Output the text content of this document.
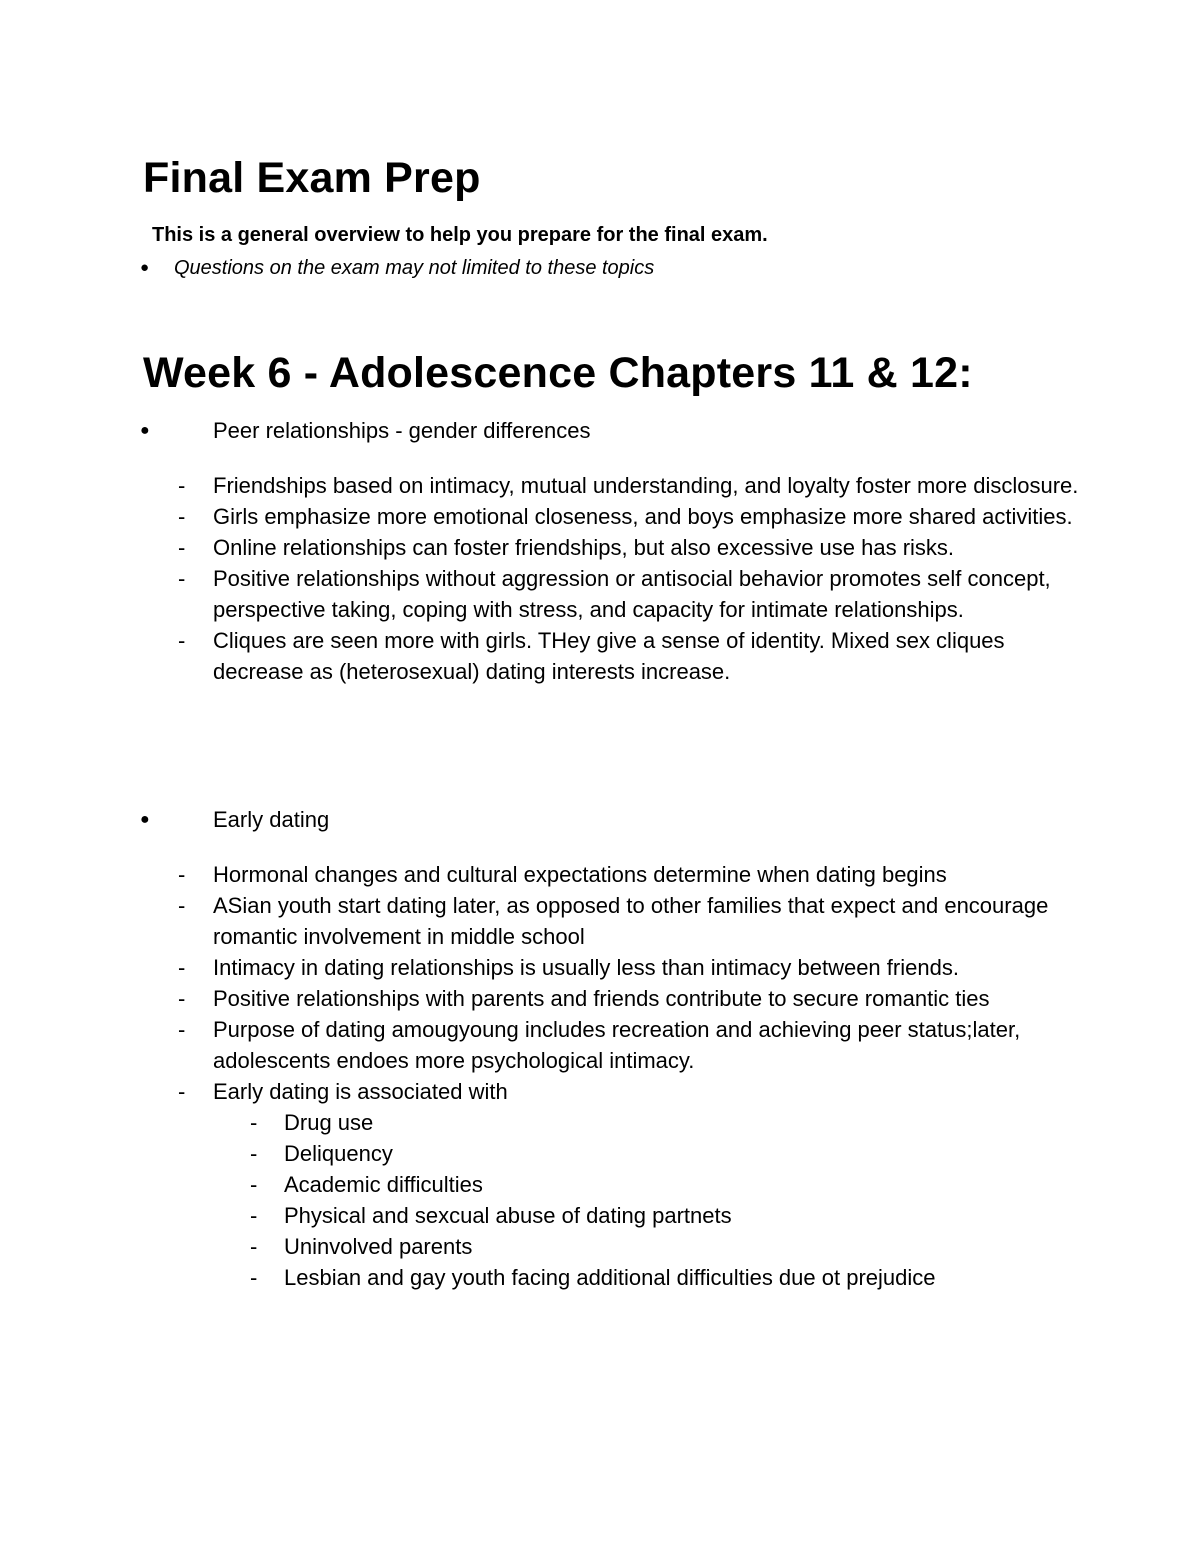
Final Exam Prep

This is a general overview to help you prepare for the final exam.

● Questions on the exam may not limited to these topics
Week 6 - Adolescence Chapters 11 & 12:
●	Peer relationships - gender differences
- Friendships based on intimacy, mutual understanding, and loyalty foster more disclosure.
- Girls emphasize more emotional closeness, and boys emphasize more shared activities.
- Online relationships can foster friendships, but also excessive use has risks.
- Positive relationships without aggression or antisocial behavior promotes self concept, perspective taking, coping with stress, and capacity for intimate relationships.
- Cliques are seen more with girls. THey give a sense of identity. Mixed sex cliques decrease as (heterosexual) dating interests increase.
●	Early dating
- Hormonal changes and cultural expectations determine when dating begins
- ASian youth start dating later, as opposed to other families that expect and encourage romantic involvement in middle school
- Intimacy in dating relationships is usually less than intimacy between friends.
- Positive relationships with parents and friends contribute to secure romantic ties
- Purpose of dating amougyoung includes recreation and achieving peer status;later, adolescents endoes more psychological intimacy.
- Early dating is associated with
- Drug use
- Deliquency
- Academic difficulties
- Physical and sexcual abuse of dating partnets
- Uninvolved parents
- Lesbian and gay youth facing additional difficulties due ot prejudice
